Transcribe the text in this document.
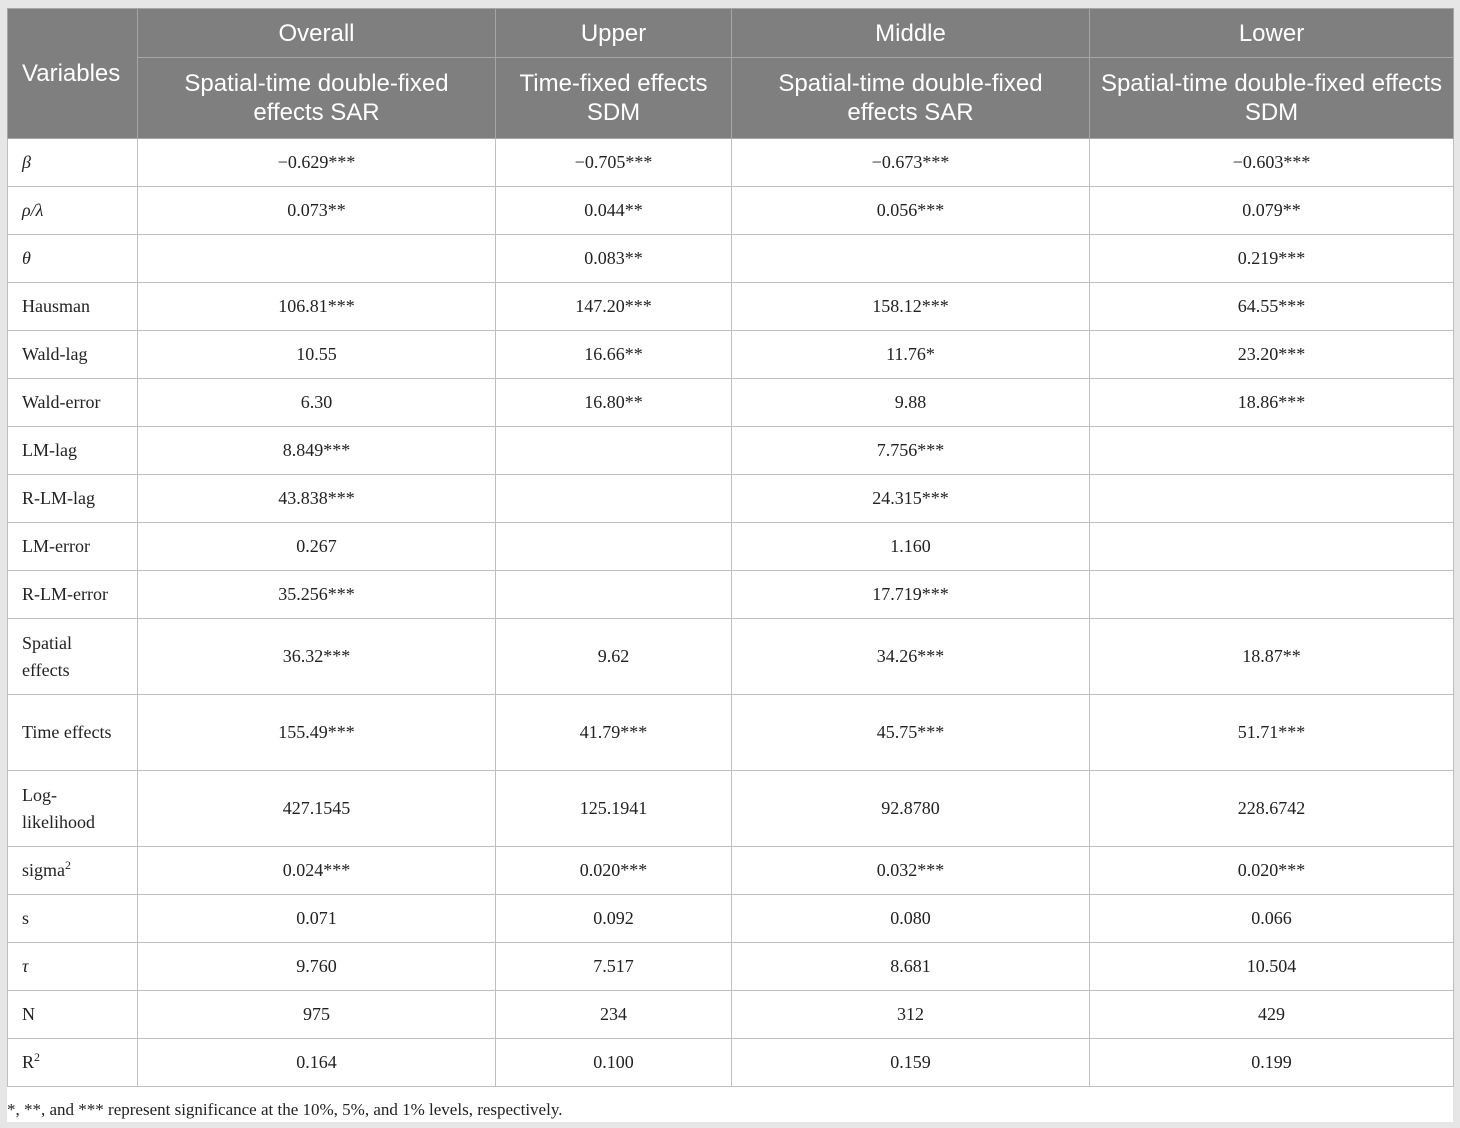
Variables	Overall	Upper	Middle	Lower
	Spatial-time double-fixed effects SAR	Time-fixed effects SDM	Spatial-time double-fixed effects SAR	Spatial-time double-fixed effects SDM
β	−0.629***	−0.705***	−0.673***	−0.603***
ρ/λ	0.073**	0.044**	0.056***	0.079**
θ		0.083**		0.219***
Hausman	106.81***	147.20***	158.12***	64.55***
Wald-lag	10.55	16.66**	11.76*	23.20***
Wald-error	6.30	16.80**	9.88	18.86***
LM-lag	8.849***		7.756***	
R-LM-lag	43.838***		24.315***	
LM-error	0.267		1.160	
R-LM-error	35.256***		17.719***	
Spatial effects	36.32***	9.62	34.26***	18.87**
Time effects	155.49***	41.79***	45.75***	51.71***
Log-likelihood	427.1545	125.1941	92.8780	228.6742
sigma$^2$	0.024***	0.020***	0.032***	0.020***
s	0.071	0.092	0.080	0.066
τ	9.760	7.517	8.681	10.504
N	975	234	312	429
$R^2$	0.164	0.100	0.159	0.199
*, **, and *** represent significance at the 10%, 5%, and 1% levels, respectively.
